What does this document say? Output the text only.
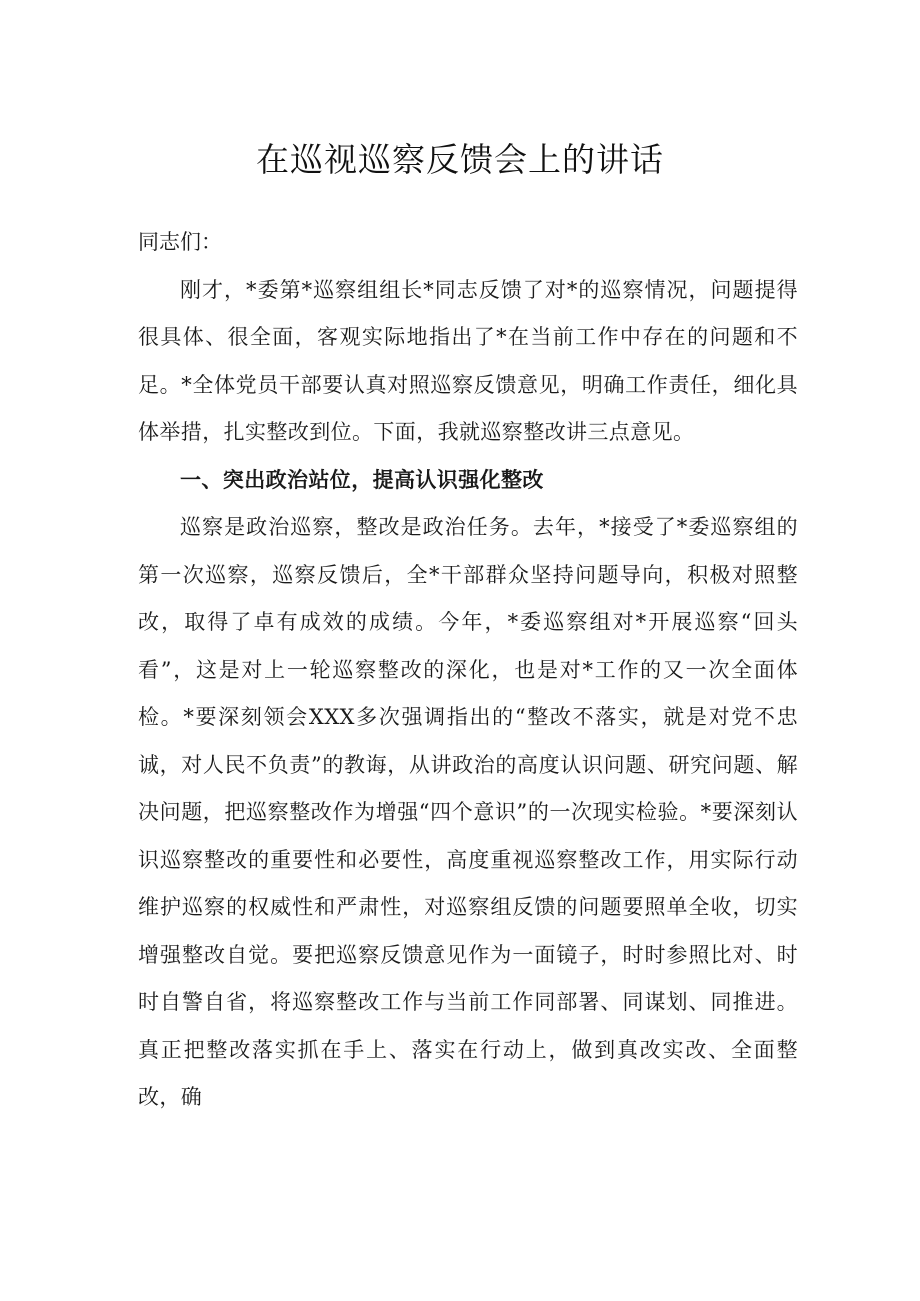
在巡视巡察反馈会上的讲话

同志们：

刚才，*委第*巡察组组长*同志反馈了对*的巡察情况，问题提得很具体、很全面，客观实际地指出了*在当前工作中存在的问题和不足。*全体党员干部要认真对照巡察反馈意见，明确工作责任，细化具体举措，扎实整改到位。下面，我就巡察整改讲三点意见。

一、突出政治站位，提高认识强化整改

巡察是政治巡察，整改是政治任务。去年，*接受了*委巡察组的第一次巡察，巡察反馈后，全*干部群众坚持问题导向，积极对照整改，取得了卓有成效的成绩。今年，*委巡察组对*开展巡察“回头看”，这是对上一轮巡察整改的深化，也是对*工作的又一次全面体检。*要深刻领会XXX多次强调指出的“整改不落实，就是对党不忠诚，对人民不负责”的教诲，从讲政治的高度认识问题、研究问题、解决问题，把巡察整改作为增强“四个意识”的一次现实检验。*要深刻认识巡察整改的重要性和必要性，高度重视巡察整改工作，用实际行动维护巡察的权威性和严肃性，对巡察组反馈的问题要照单全收，切实增强整改自觉。要把巡察反馈意见作为一面镜子，时时参照比对、时时自警自省，将巡察整改工作与当前工作同部署、同谋划、同推进。真正把整改落实抓在手上、落实在行动上，做到真改实改、全面整改，确
